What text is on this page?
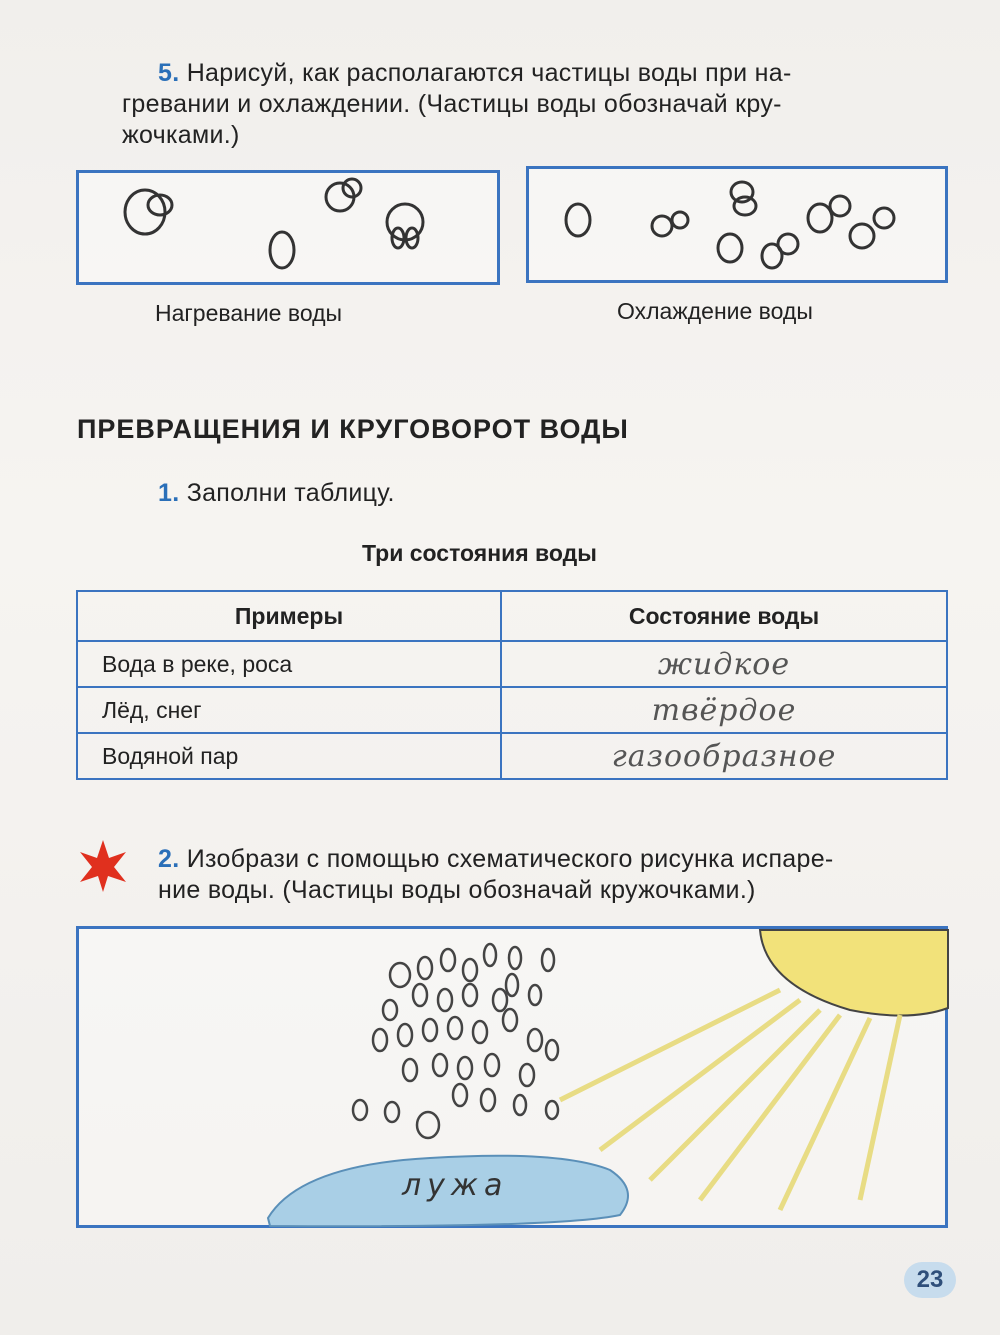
5. Нарисуй, как располагаются частицы воды при на-
гревании и охлаждении. (Частицы воды обозначай кру-
жочками.)
Нагревание воды	Охлаждение воды
ПРЕВРАЩЕНИЯ И КРУГОВОРОТ ВОДЫ
1. Заполни таблицу.
Три состояния воды
Примеры	Состояние воды
Вода в реке, роса	жидкое
Лёд, снег	твёрдое
Водяной пар	газообразное
2. Изобрази с помощью схематического рисунка испаре-
ние воды. (Частицы воды обозначай кружочками.)
лужа
23
